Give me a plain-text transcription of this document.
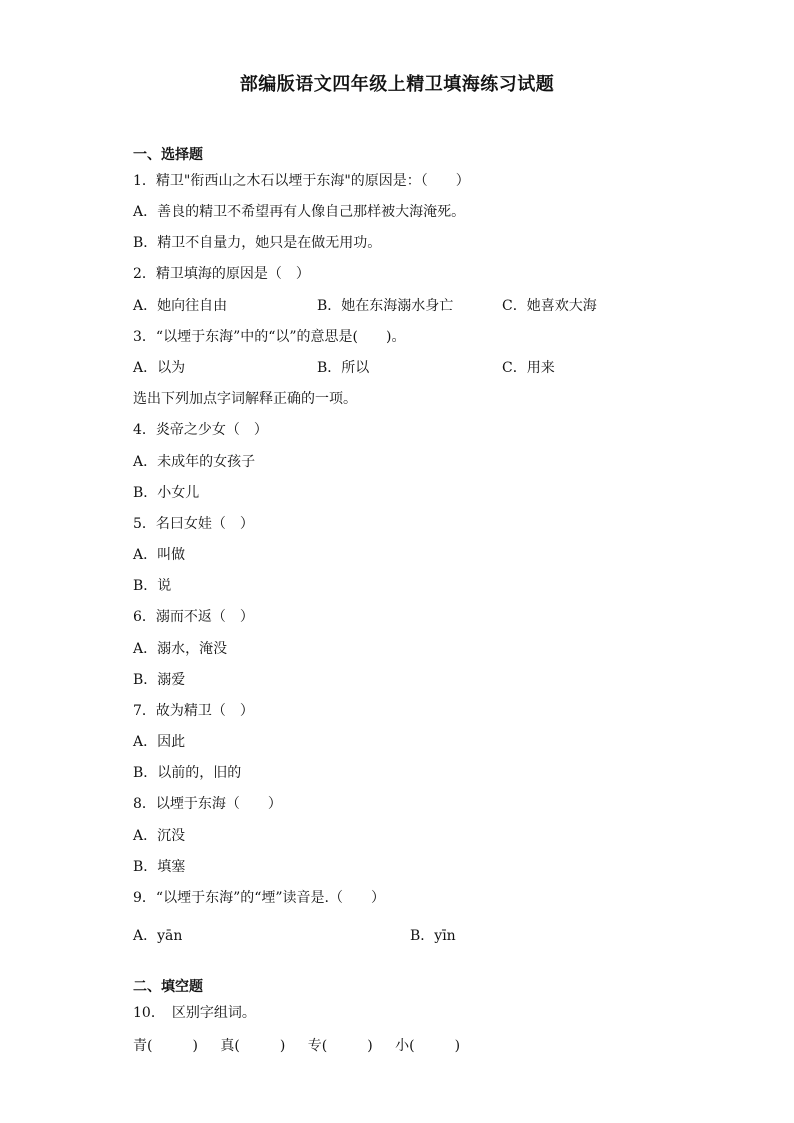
部编版语文四年级上精卫填海练习试题
一、选择题
1．精卫"衔西山之木石以堙于东海"的原因是：（　　）
A．善良的精卫不希望再有人像自己那样被大海淹死。
B．精卫不自量力，她只是在做无用功。
2．精卫填海的原因是（　）
A．她向往自由	B．她在东海溺水身亡	C．她喜欢大海
3．“以堙于东海”中的“以”的意思是(　　)。
A．以为	B．所以	C．用来
选出下列加点字词解释正确的一项。
4．炎帝之少女（　）
A．未成年的女孩子
B．小女儿
5．名曰女娃（　）
A．叫做
B．说
6．溺而不返（　）
A．溺水，淹没
B．溺爱
7．故为精卫（　）
A．因此
B．以前的，旧的
8．以堙于东海（　　）
A．沉没
B．填塞
9．“以堙于东海”的“堙”读音是.（　　）
A．yān	B．yīn
二、填空题
10．　区别字组词。
青(	) 真(	) 专(	) 小(	)
